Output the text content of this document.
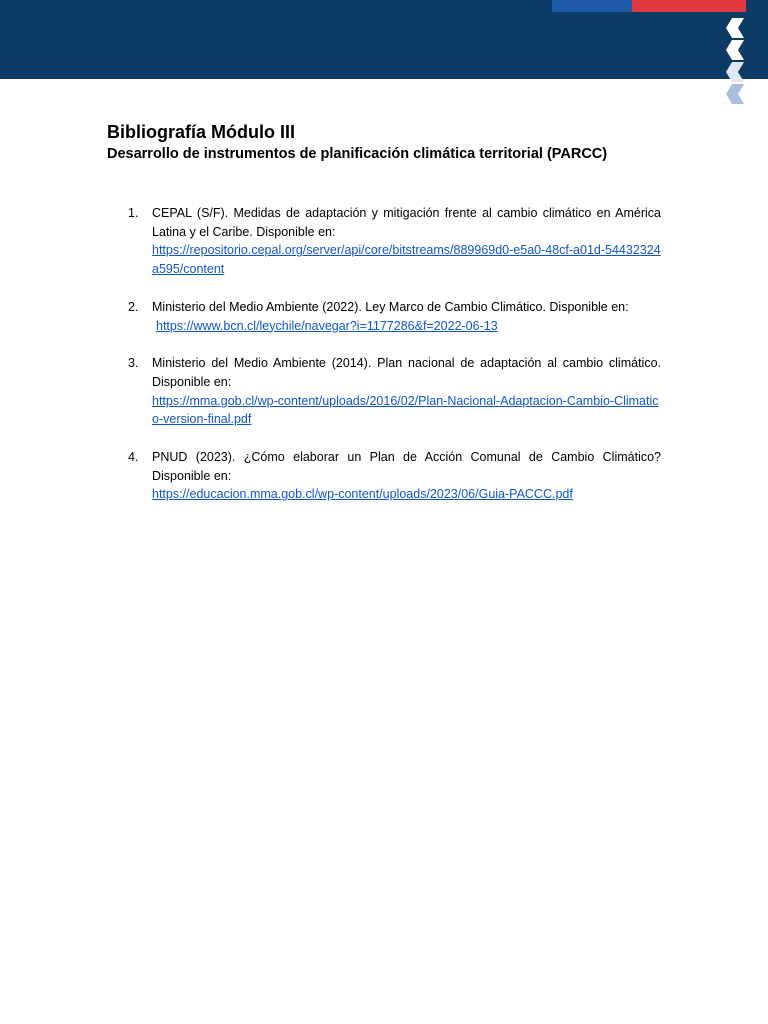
Bibliografía Módulo III
Desarrollo de instrumentos de planificación climática territorial (PARCC)
1. CEPAL (S/F). Medidas de adaptación y mitigación frente al cambio climático en América Latina y el Caribe. Disponible en:
https://repositorio.cepal.org/server/api/core/bitstreams/889969d0-e5a0-48cf-a01d-54432324a595/content
2. Ministerio del Medio Ambiente (2022). Ley Marco de Cambio Climático. Disponible en:
https://www.bcn.cl/leychile/navegar?i=1177286&f=2022-06-13
3. Ministerio del Medio Ambiente (2014). Plan nacional de adaptación al cambio climático. Disponible en:
https://mma.gob.cl/wp-content/uploads/2016/02/Plan-Nacional-Adaptacion-Cambio-Climatico-version-final.pdf
4. PNUD (2023). ¿Cómo elaborar un Plan de Acción Comunal de Cambio Climático? Disponible en:
https://educacion.mma.gob.cl/wp-content/uploads/2023/06/Guia-PACCC.pdf
